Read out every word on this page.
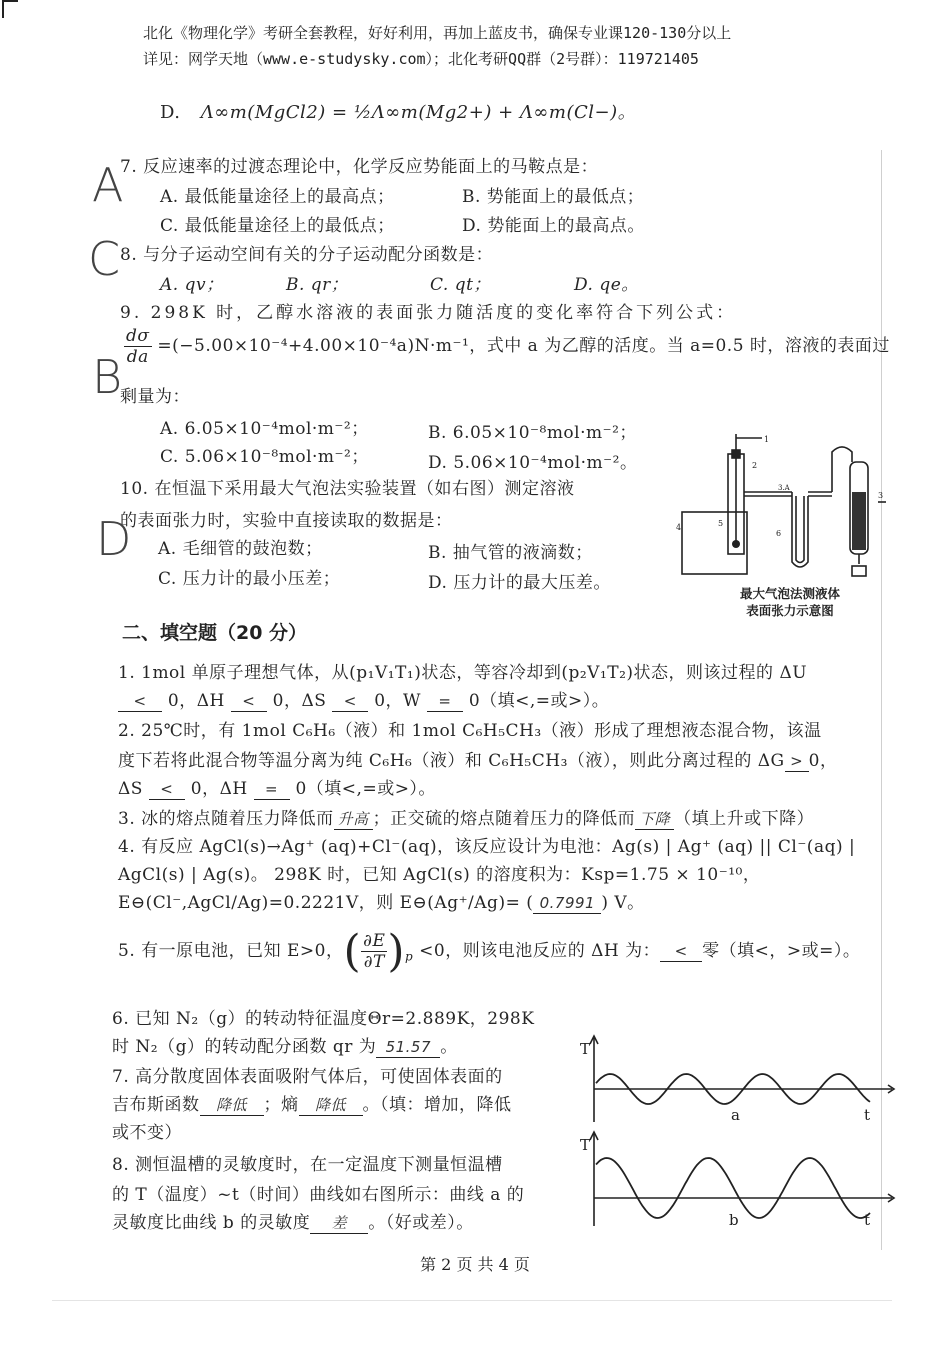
北化《物理化学》考研全套教程，好好利用，再加上蓝皮书，确保专业课120-130分以上
详见：网学天地（www.e-studysky.com）；北化考研QQ群（2号群）：119721405
D. Λ∞m(MgCl2) = ½Λ∞m(Mg2+) + Λ∞m(Cl−)。
A
7. 反应速率的过渡态理论中，化学反应势能面上的马鞍点是：
A. 最低能量途径上的最高点；	B. 势能面上的最低点；
C. 最低能量途径上的最低点；	D. 势能面上的最高点。
C 8. 与分子运动空间有关的分子运动配分函数是：
A. qv；	B. qr；	C. qt；	D. qe。
9. 298K 时，乙醇水溶液的表面张力随活度的变化率符合下列公式：
$\frac{d\sigma}{da} =(-5.00\times 10^{-4}+4.00\times 10^{-4}a)N\cdot m^{-1}$，式中 a 为乙醇的活度。当 a=0.5 时，溶液的表面过
B
剩量为：
A. 6.05×10⁻⁴mol·m⁻²；	B. 6.05×10⁻⁸mol·m⁻²；
C. 5.06×10⁻⁸mol·m⁻²；	D. 5.06×10⁻⁴mol·m⁻²。
10. 在恒温下采用最大气泡法实验装置（如右图）测定溶液
的表面张力时，实验中直接读取的数据是：
D A. 毛细管的鼓泡数；	B. 抽气管的液滴数；
C. 压力计的最小压差；	D. 压力计的最大压差。
1
2
3
4	5
6
3.A
最大气泡法测液体
表面张力示意图
二、填空题（20 分）
1. 1mol 单原子理想气体，从(p₁V₁T₁)状态，等容冷却到(p₂V₁T₂)状态，则该过程的 ΔU
< 0，ΔH < 0，ΔS < 0，W = 0（填<,=或>）。
2. 25℃时，有 1mol C₆H₆（液）和 1mol C₆H₅CH₃（液）形成了理想液态混合物，该温
度下若将此混合物等温分离为纯 C₆H₆（液）和 C₆H₅CH₃（液），则此分离过程的 ΔG > 0，
ΔS < 0，ΔH = 0（填<,=或>）。
3. 冰的熔点随着压力降低而 升高 ；正交硫的熔点随着压力的降低而 下降 （填上升或下降）
4. 有反应 AgCl(s)→Ag⁺ (aq)+Cl⁻(aq)，该反应设计为电池：Ag(s) | Ag⁺ (aq) || Cl⁻(aq) |
AgCl(s) | Ag(s)。 298K 时，已知 AgCl(s) 的溶度积为：Ksp=1.75 × 10⁻¹⁰，
E⊖(Cl⁻,AgCl/Ag)=0.2221V，则 E⊖(Ag⁺/Ag)= ( 0.7991 ) V。
5. 有一原电池，已知 E>0，( $\frac{\partial E}{\partial T} )_p <0$，则该电池反应的 ΔH 为： < 零（填<，>或=）。
6. 已知 N₂（g）的转动特征温度Θr=2.889K，298K
时 N₂（g）的转动配分函数 qr 为 51.57 。
7. 高分散度固体表面吸附气体后，可使固体表面的
吉布斯函数 降低 ；熵 降低 。（填：增加，降低
或不变）
8. 测恒温槽的灵敏度时，在一定温度下测量恒温槽
的 T（温度）~t（时间）曲线如右图所示：曲线 a 的
灵敏度比曲线 b 的灵敏度 差 。（好或差）。
T
t
a
T
t
b
第 2 页 共 4 页
